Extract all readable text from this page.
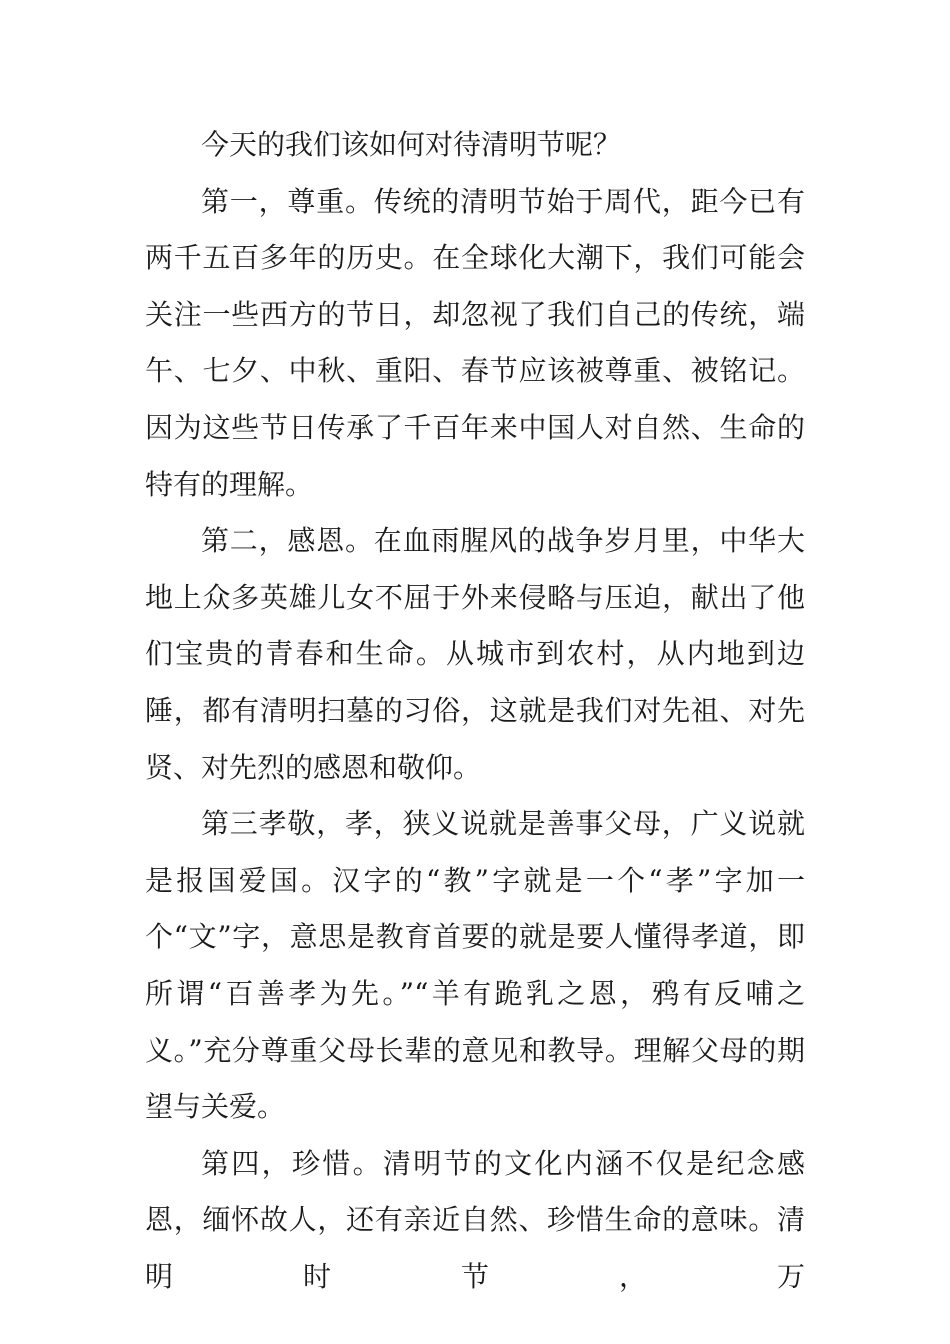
今天的我们该如何对待清明节呢？

第一，尊重。传统的清明节始于周代，距今已有两千五百多年的历史。在全球化大潮下，我们可能会关注一些西方的节日，却忽视了我们自己的传统，端午、七夕、中秋、重阳、春节应该被尊重、被铭记。因为这些节日传承了千百年来中国人对自然、生命的特有的理解。

第二，感恩。在血雨腥风的战争岁月里，中华大地上众多英雄儿女不屈于外来侵略与压迫，献出了他们宝贵的青春和生命。从城市到农村，从内地到边陲，都有清明扫墓的习俗，这就是我们对先祖、对先贤、对先烈的感恩和敬仰。

第三孝敬，孝，狭义说就是善事父母，广义说就是报国爱国。汉字的“教”字就是一个“孝”字加一个“文”字，意思是教育首要的就是要人懂得孝道，即所谓“百善孝为先。”“羊有跪乳之恩，鸦有反哺之义。”充分尊重父母长辈的意见和教导。理解父母的期望与关爱。

第四，珍惜。清明节的文化内涵不仅是纪念感恩，缅怀故人，还有亲近自然、珍惜生命的意味。清明时节，万
